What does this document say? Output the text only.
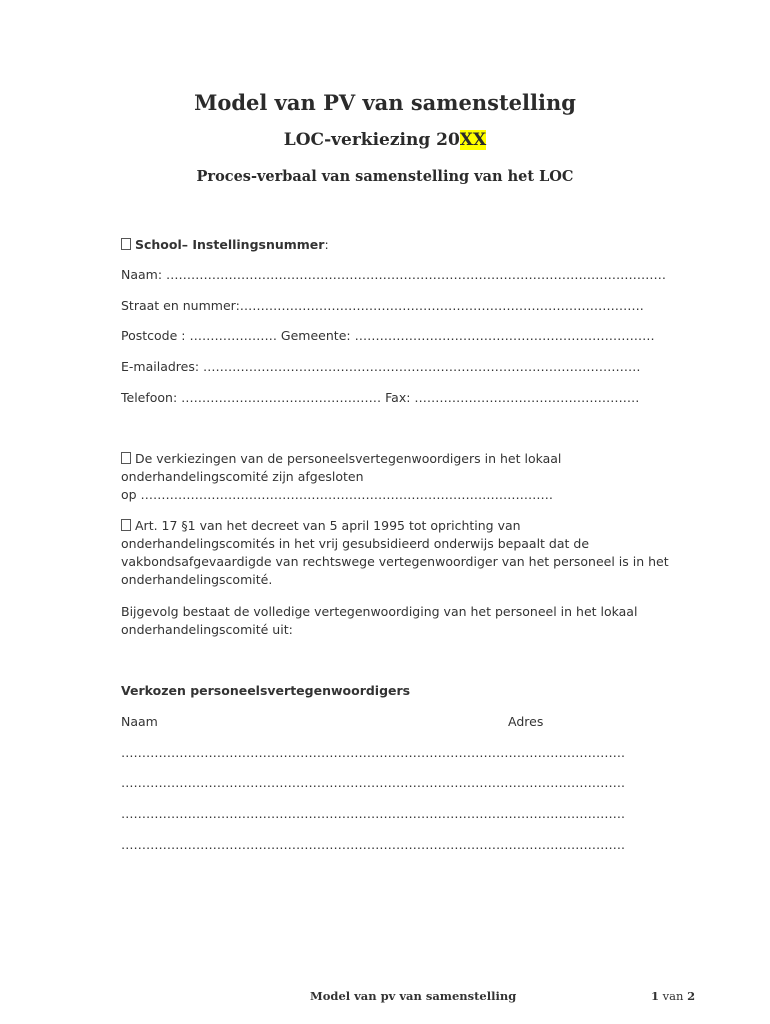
Model van PV van samenstelling
LOC-verkiezing 20XX
Proces-verbaal van samenstelling van het LOC
School– Instellingsnummer:
Naam: …………………………………………………………………………………………………………
Straat en nummer:…………………………………………………………………………………….
Postcode : ………………… Gemeente: ………………………………………………………………
E-mailadres: ……………………………………………………………………………………………
Telefoon: ………………………………………… Fax: ………………………………………………
De verkiezingen van de personeelsvertegenwoordigers in het lokaal
onderhandelingscomité zijn afgesloten
op ………………………………………………………………………………………
Art. 17 §1 van het decreet van 5 april 1995 tot oprichting van
onderhandelingscomités in het vrij gesubsidieerd onderwijs bepaalt dat de
vakbondsafgevaardigde van rechtswege vertegenwoordiger van het personeel is in het
onderhandelingscomité.
Bijgevolg bestaat de volledige vertegenwoordiging van het personeel in het lokaal
onderhandelingscomité uit:
Verkozen personeelsvertegenwoordigers
Naam	Adres
………………………………………………………………………………………………………….
………………………………………………………………………………………………………….
………………………………………………………………………………………………………….
………………………………………………………………………………………………………….
Model van pv van samenstelling	1 van 2
